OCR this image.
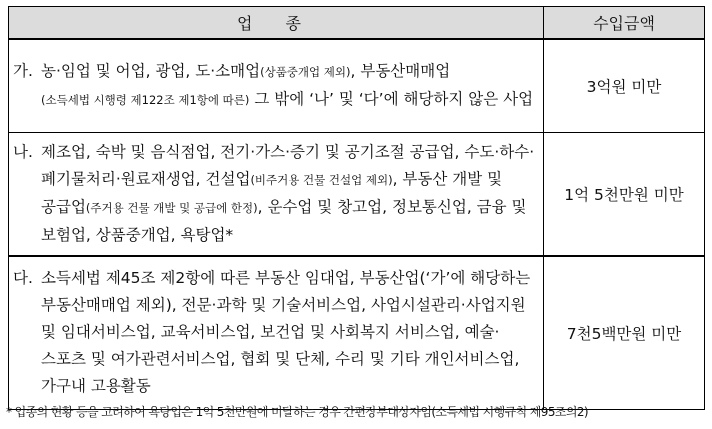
업 종	수입금액

가. 농·임업 및 어업, 광업, 도·소매업(상품중개업 제외), 부동산매매업
(소득세법 시행령 제122조 제1항에 따른) 그 밖에 ‘나’ 및 ‘다’에 해당하지 않은 사업	3억원 미만

나. 제조업, 숙박 및 음식점업, 전기·가스·증기 및 공기조절 공급업, 수도·하수·폐기물처리·원료재생업, 건설업(비주거용 건물 건설업 제외), 부동산 개발 및 공급업(주거용 건물 개발 및 공급에 한정), 운수업 및 창고업, 정보통신업, 금융 및 보험업, 상품중개업, 욕탕업*	1억 5천만원 미만

다. 소득세법 제45조 제2항에 따른 부동산 임대업, 부동산업(‘가’에 해당하는 부동산매매업 제외), 전문·과학 및 기술서비스업, 사업시설관리·사업지원 및 임대서비스업, 교육서비스업, 보건업 및 사회복지 서비스업, 예술·스포츠 및 여가관련서비스업, 협회 및 단체, 수리 및 기타 개인서비스업, 가구내 고용활동	7천5백만원 미만
* 업종의 현황 등을 고려하여 욕탕업은 1억 5천만원에 미달하는 경우 간편장부대상자임(소득세법 시행규칙 제95조의2)
